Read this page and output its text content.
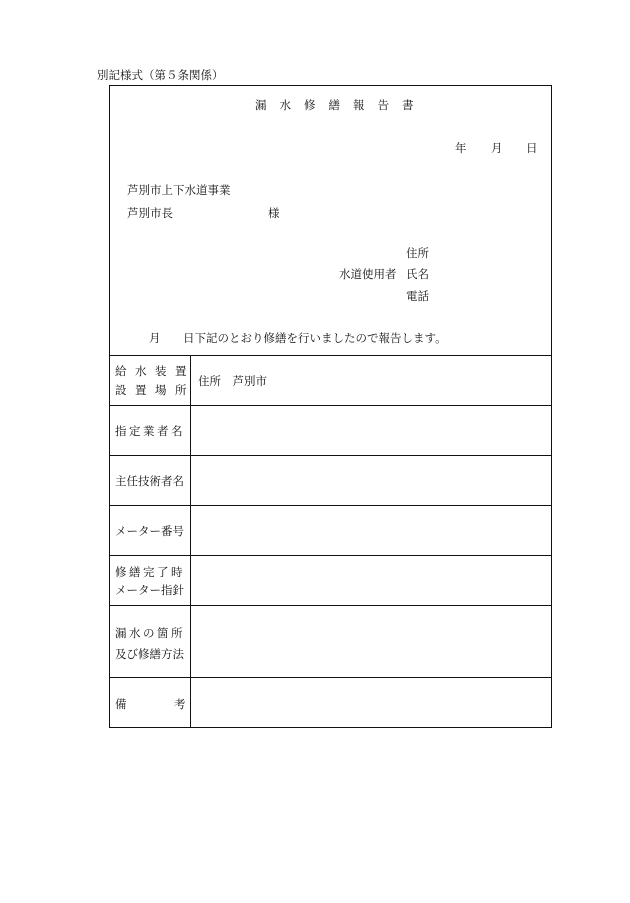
別記様式（第５条関係）
漏水修繕報告書
年 月 日
芦別市上下水道事業
芦別市長	様
住所
水道使用者 氏名
電話
月 日下記のとおり修繕を行いましたので報告します。
給水装置
設置場所
住所　芦別市
指定業者名
主任技術者名
メーター番号
修繕完了時
メーター指針
漏水の箇所
及び修繕方法
備	考
